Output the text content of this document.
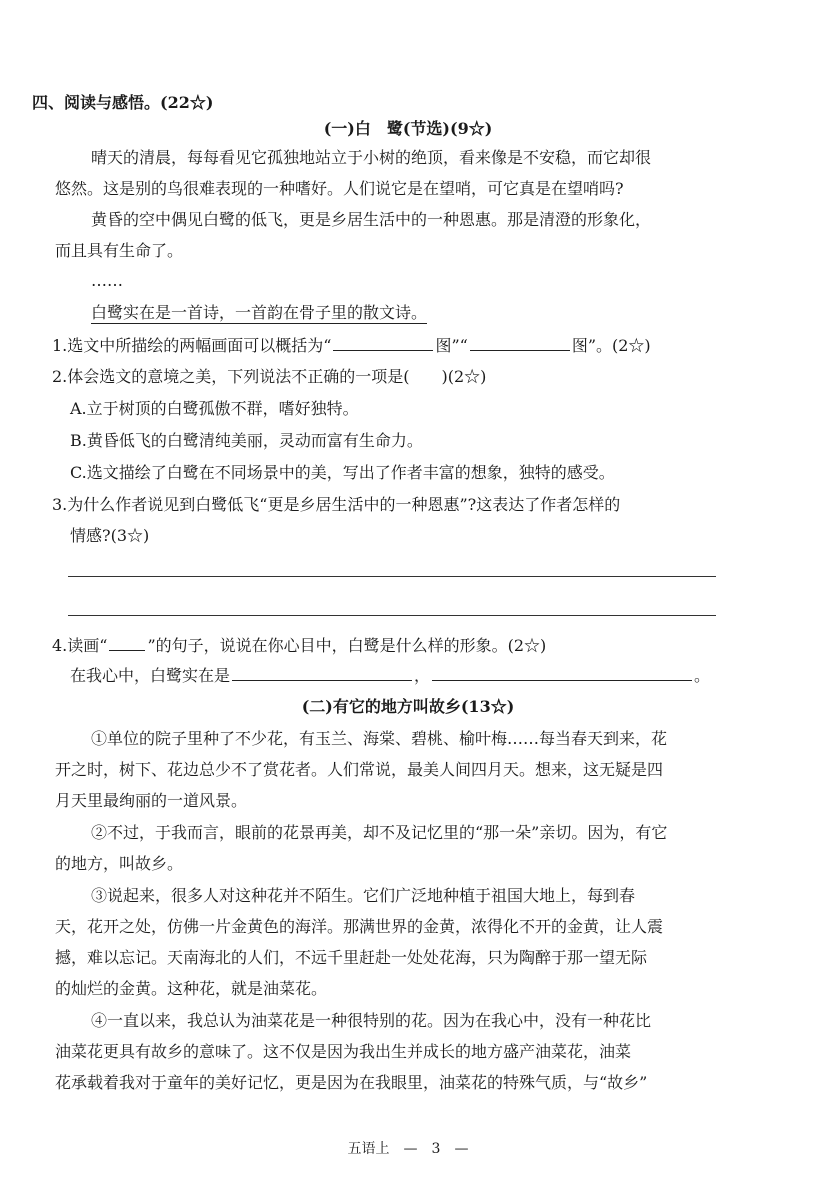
四、阅读与感悟。(22☆)
(一)白　鹭(节选)(9☆)
晴天的清晨，每每看见它孤独地站立于小树的绝顶，看来像是不安稳，而它却很
悠然。这是别的鸟很难表现的一种嗜好。人们说它是在望哨，可它真是在望哨吗?
黄昏的空中偶见白鹭的低飞，更是乡居生活中的一种恩惠。那是清澄的形象化，
而且具有生命了。
……
白鹭实在是一首诗，一首韵在骨子里的散文诗。
1.选文中所描绘的两幅画面可以概括为“	图”“	图”。(2☆)
2.体会选文的意境之美，下列说法不正确的一项是(　　)(2☆)
A.立于树顶的白鹭孤傲不群，嗜好独特。
B.黄昏低飞的白鹭清纯美丽，灵动而富有生命力。
C.选文描绘了白鹭在不同场景中的美，写出了作者丰富的想象，独特的感受。
3.为什么作者说见到白鹭低飞“更是乡居生活中的一种恩惠”?这表达了作者怎样的
情感?(3☆)
4.读画“	”的句子，说说在你心目中，白鹭是什么样的形象。(2☆)
在我心中，白鹭实在是	，	。
(二)有它的地方叫故乡(13☆)
①单位的院子里种了不少花，有玉兰、海棠、碧桃、榆叶梅……每当春天到来，花
开之时，树下、花边总少不了赏花者。人们常说，最美人间四月天。想来，这无疑是四
月天里最绚丽的一道风景。
②不过，于我而言，眼前的花景再美，却不及记忆里的“那一朵”亲切。因为，有它
的地方，叫故乡。
③说起来，很多人对这种花并不陌生。它们广泛地种植于祖国大地上，每到春
天，花开之处，仿佛一片金黄色的海洋。那满世界的金黄，浓得化不开的金黄，让人震
撼，难以忘记。天南海北的人们，不远千里赶赴一处处花海，只为陶醉于那一望无际
的灿烂的金黄。这种花，就是油菜花。
④一直以来，我总认为油菜花是一种很特别的花。因为在我心中，没有一种花比
油菜花更具有故乡的意味了。这不仅是因为我出生并成长的地方盛产油菜花，油菜
花承载着我对于童年的美好记忆，更是因为在我眼里，油菜花的特殊气质，与“故乡”
五语上　—　3　—
